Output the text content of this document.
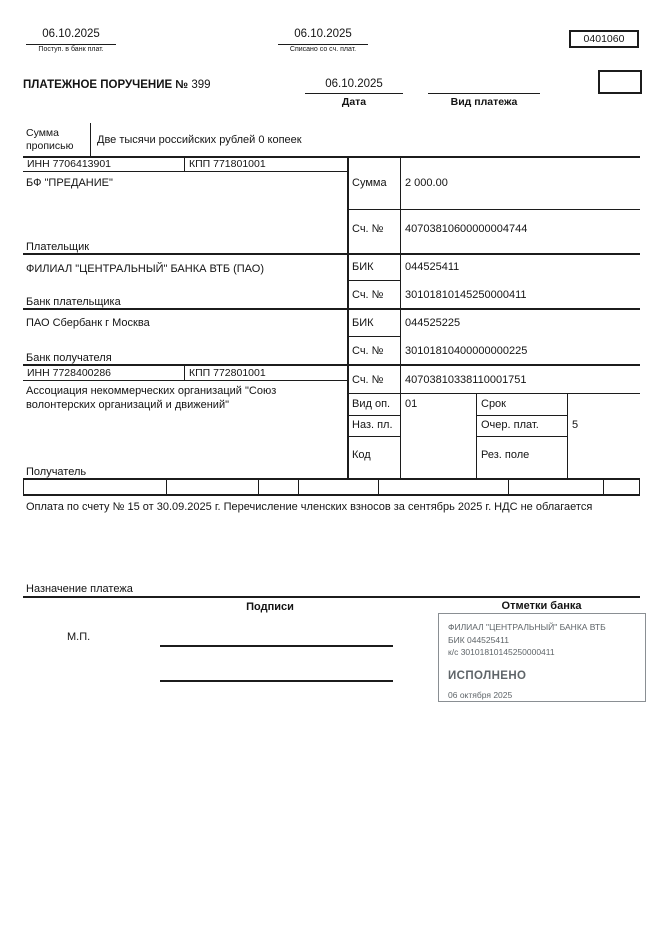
06.10.2025
Поступ. в банк плат.
06.10.2025
Списано со сч. плат.
0401060
ПЛАТЕЖНОЕ ПОРУЧЕНИЕ № 399	06.10.2025
Дата	Вид платежа
Сумма прописью	Две тысячи российских рублей 0 копеек
ИНН 7706413901	КПП 771801001
БФ "ПРЕДАНИЕ"
Плательщик
ФИЛИАЛ "ЦЕНТРАЛЬНЫЙ" БАНКА ВТБ (ПАО)
Банк плательщика
ПАО Сбербанк г Москва
Банк получателя
ИНН 7728400286	КПП 772801001
Ассоциация некоммерческих организаций "Союз волонтерских организаций и движений"
Получатель
Сумма 2 000.00
Сч. № 40703810600000004744
БИК	044525411
Сч. № 30101810145250000411
БИК	044525225
Сч. № 30101810400000000225
Сч. № 40703810338110001751
Вид оп. 01	Срок
Наз. пл.	Очер. плат.	5
Код	Рез. поле
Оплата по счету № 15 от 30.09.2025 г. Перечисление членских взносов за сентябрь 2025 г. НДС не облагается
Назначение платежа
Подписи	Отметки банка
М.П.
ФИЛИАЛ "ЦЕНТРАЛЬНЫЙ" БАНКА ВТБ
БИК 044525411
к/с 30101810145250000411
ИСПОЛНЕНО
06 октября 2025
